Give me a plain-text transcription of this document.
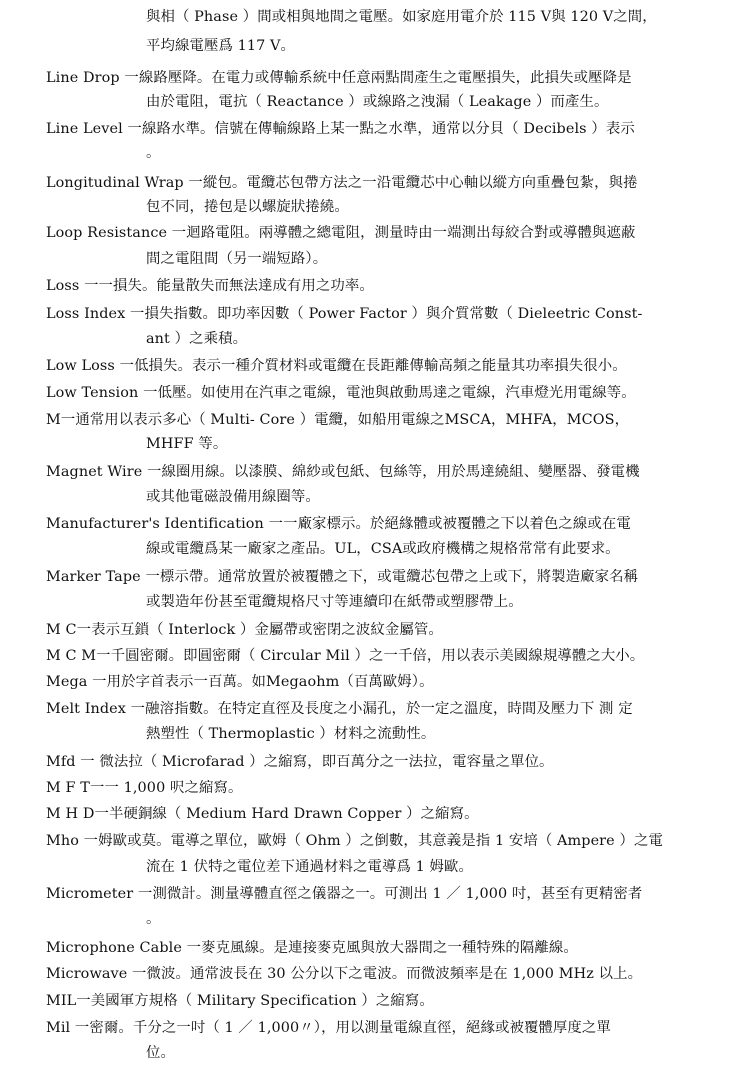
與相（ Phase ）間或相與地間之電壓。如家庭用電介於 115 V與 120 V之間，
平均線電壓爲 117 V。
Line Drop 一線路壓降。在電力或傳輸系統中任意兩點間產生之電壓損失，此損失或壓降是
由於電阻，電抗（ Reactance ）或線路之洩漏（ Leakage ）而產生。
Line Level 一線路水準。信號在傳輸線路上某一點之水準，通常以分貝（ Decibels ）表示
。
Longitudinal Wrap 一縱包。電纜芯包帶方法之一沿電纜芯中心軸以縱方向重疊包紮，與捲
包不同，捲包是以螺旋狀捲繞。
Loop Resistance 一迴路電阻。兩導體之總電阻，測量時由一端測出每絞合對或導體與遮蔽
間之電阻間（另一端短路）。
Loss 一一損失。能量散失而無法達成有用之功率。
Loss Index 一損失指數。即功率因數（ Power Factor ）與介質常數（ Dieleetric Const-
ant ）之乘積。
Low Loss 一低損失。表示一種介質材料或電纜在長距離傳輸高頻之能量其功率損失很小。
Low Tension 一低壓。如使用在汽車之電線，電池與啟動馬達之電線，汽車燈光用電線等。
M一通常用以表示多心（ Multi- Core ）電纜，如船用電線之MSCA，MHFA，MCOS，
MHFF 等。
Magnet Wire 一線圈用線。以漆膜、綿紗或包紙、包絲等，用於馬達繞組、變壓器、發電機
或其他電磁設備用線圈等。
Manufacturer's Identification 一一廠家標示。於絕緣體或被覆體之下以着色之線或在電
線或電纜爲某一廠家之產品。UL，CSA或政府機構之規格常常有此要求。
Marker Tape 一標示帶。通常放置於被覆體之下，或電纜芯包帶之上或下，將製造廠家名稱
或製造年份甚至電纜規格尺寸等連續印在紙帶或塑膠帶上。
M C一表示互鎖（ Interlock ）金屬帶或密閉之波紋金屬管。
M C M一千圓密爾。即圓密爾（ Circular Mil ）之一千倍，用以表示美國線規導體之大小。
Mega 一用於字首表示一百萬。如Megaohm（百萬歐姆）。
Melt Index 一融溶指數。在特定直徑及長度之小漏孔，於一定之溫度，時間及壓力下 測 定
熱塑性（ Thermoplastic ）材料之流動性。
Mfd 一 微法拉（ Microfarad ）之縮寫，即百萬分之一法拉，電容量之單位。
M F T一一 1,000 呎之縮寫。
M H D一半硬銅線（ Medium Hard Drawn Copper ）之縮寫。
Mho 一姆歐或莫。電導之單位，歐姆（ Ohm ）之倒數，其意義是指 1 安培（ Ampere ）之電
流在 1 伏特之電位差下通過材料之電導爲 1 姆歐。
Micrometer 一測微計。測量導體直徑之儀器之一。可測出 1 ／ 1,000 吋，甚至有更精密者
。
Microphone Cable 一麥克風線。是連接麥克風與放大器間之一種特殊的隔離線。
Microwave 一微波。通常波長在 30 公分以下之電波。而微波頻率是在 1,000 MHz 以上。
MIL一美國軍方規格（ Military Specification ）之縮寫。
Mil 一密爾。千分之一吋（ 1 ／ 1,000〃），用以測量電線直徑，絕緣或被覆體厚度之單
位。
